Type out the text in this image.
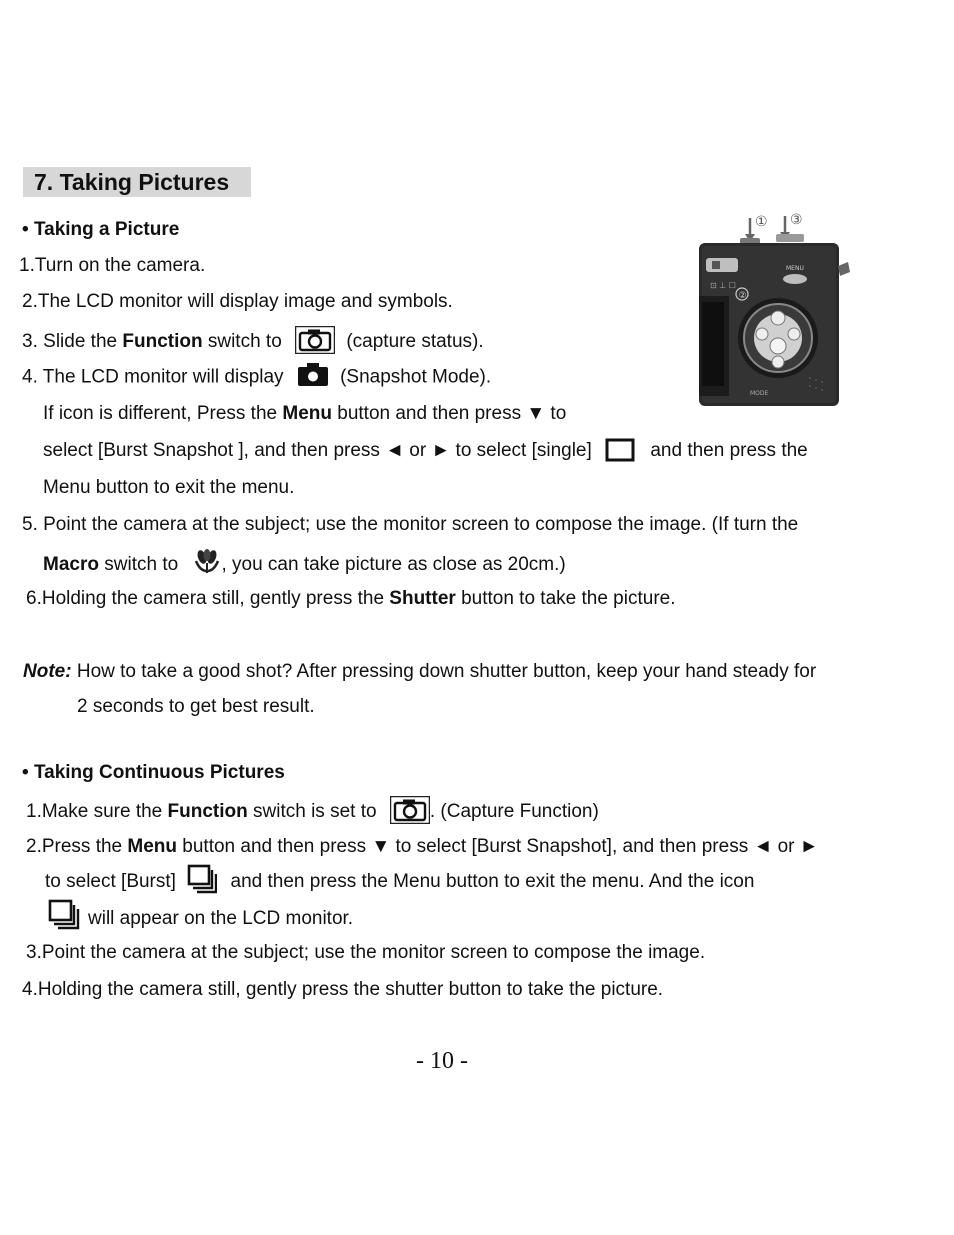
7. Taking Pictures
• Taking a Picture
1.Turn on the camera.
2.The LCD monitor will display image and symbols.
3. Slide the Function switch to	(capture status).
4. The LCD monitor will display	(Snapshot Mode).
If icon is different, Press the Menu button and then press ▼ to
select [Burst Snapshot ], and then press ◄ or ► to select [single]	and then press the
Menu button to exit the menu.
5. Point the camera at the subject; use the monitor screen to compose the image. (If turn the
Macro switch to , you can take picture as close as 20cm.)
6.Holding the camera still, gently press the Shutter button to take the picture.
① ③
⊡ ⊥ ☐
MENU
②
MODE
Note: How to take a good shot? After pressing down shutter button, keep your hand steady for
2 seconds to get best result.
• Taking Continuous Pictures
1.Make sure the Function switch is set to	. (Capture Function)
2.Press the Menu button and then press ▼ to select [Burst Snapshot], and then press ◄ or ►
to select [Burst]	and then press the Menu button to exit the menu. And the icon
will appear on the LCD monitor.
3.Point the camera at the subject; use the monitor screen to compose the image.
4.Holding the camera still, gently press the shutter button to take the picture.
- 10 -
